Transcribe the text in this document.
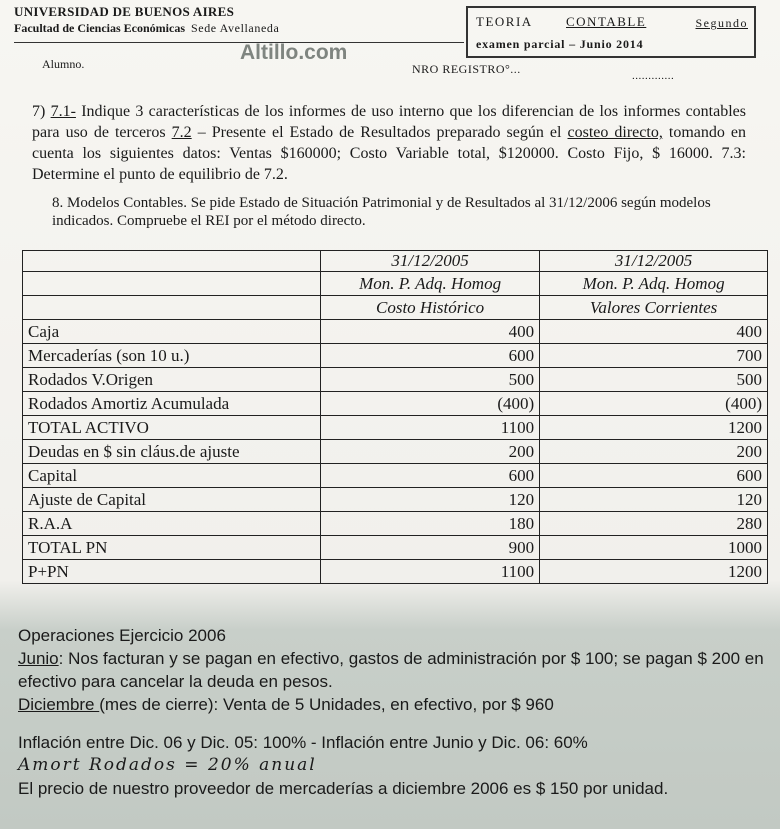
UNIVERSIDAD DE BUENOS AIRES
Facultad de Ciencias Económicas Sede Avellaneda	TEORIA	CONTABLE	Segundo
examen parcial – Junio 2014
Altillo.com
Alumno.	NRO REGISTRO°...	.............
7) 7.1- Indique 3 características de los informes de uso interno que los diferencian de los informes contables para uso de terceros 7.2 – Presente el Estado de Resultados preparado según el costeo directo, tomando en cuenta los siguientes datos: Ventas $160000; Costo Variable total, $120000. Costo Fijo, $ 16000. 7.3: Determine el punto de equilibrio de 7.2.
8. Modelos Contables. Se pide Estado de Situación Patrimonial y de Resultados al 31/12/2006 según modelos indicados. Compruebe el REI por el método directo.
	31/12/2005	31/12/2005
	Mon. P. Adq. Homog	Mon. P. Adq. Homog
	Costo Histórico	Valores Corrientes
Caja	400	400
Mercaderías (son 10 u.)	600	700
Rodados V.Origen	500	500
Rodados Amortiz Acumulada	(400)	(400)
TOTAL ACTIVO	1100	1200
Deudas en $ sin cláus.de ajuste	200	200
Capital	600	600
Ajuste de Capital	120	120
R.A.A	180	280
TOTAL PN	900	1000
P+PN	1100	1200
Operaciones Ejercicio 2006
Junio: Nos facturan y se pagan en efectivo, gastos de administración por $ 100; se pagan $ 200 en efectivo para cancelar la deuda en pesos.
Diciembre (mes de cierre): Venta de 5 Unidades, en efectivo, por $ 960
Inflación entre Dic. 06 y Dic. 05: 100% - Inflación entre Junio y Dic. 06: 60%
Amort Rodados = 20% anual
El precio de nuestro proveedor de mercaderías a diciembre 2006 es $ 150 por unidad.
